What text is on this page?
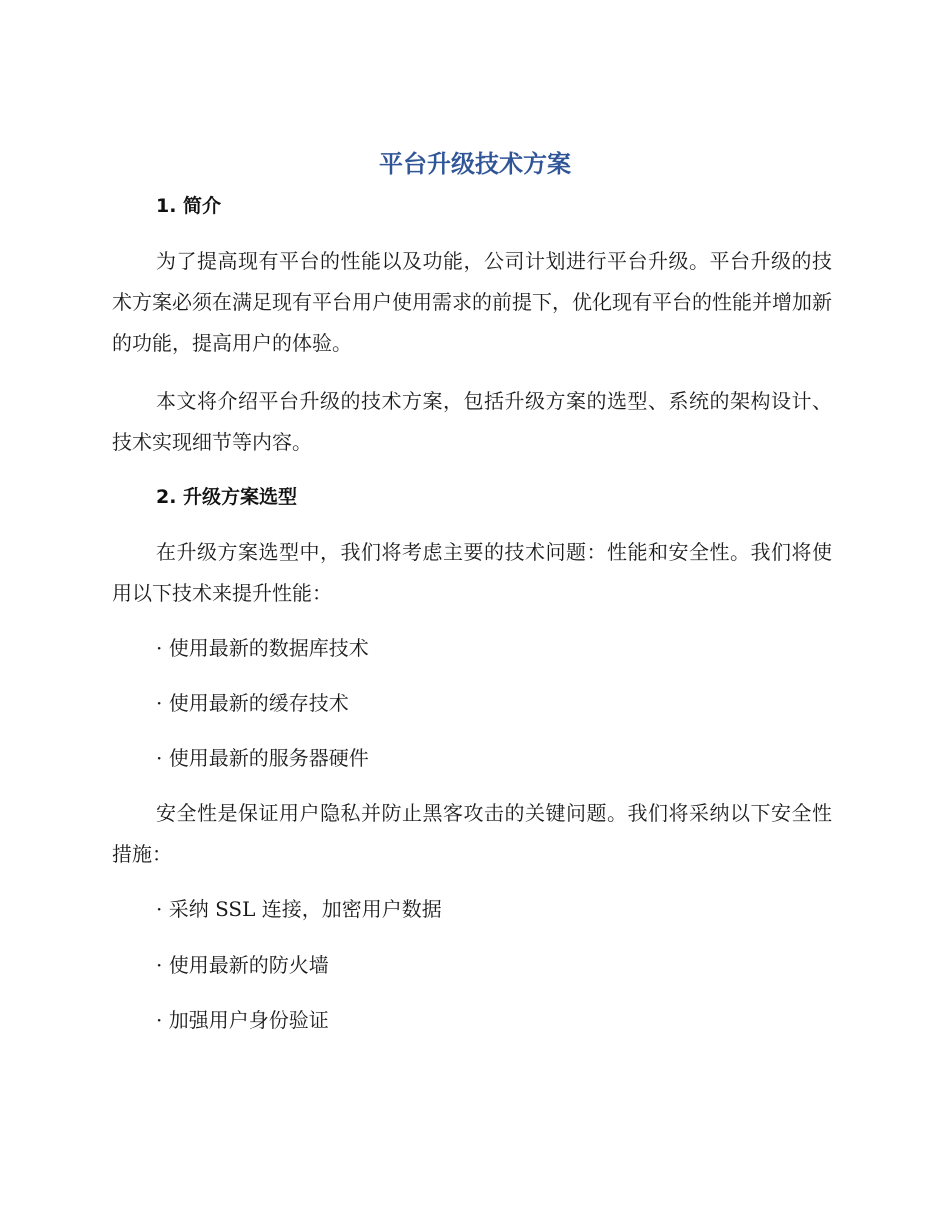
平台升级技术方案
1. 简介
为了提高现有平台的性能以及功能，公司计划进行平台升级。平台升级的技术方案必须在满足现有平台用户使用需求的前提下，优化现有平台的性能并增加新的功能，提高用户的体验。
本文将介绍平台升级的技术方案，包括升级方案的选型、系统的架构设计、技术实现细节等内容。
2. 升级方案选型
在升级方案选型中，我们将考虑主要的技术问题：性能和安全性。我们将使用以下技术来提升性能：
· 使用最新的数据库技术
· 使用最新的缓存技术
· 使用最新的服务器硬件
安全性是保证用户隐私并防止黑客攻击的关键问题。我们将采纳以下安全性措施：
· 采纳 SSL 连接，加密用户数据
· 使用最新的防火墙
· 加强用户身份验证
